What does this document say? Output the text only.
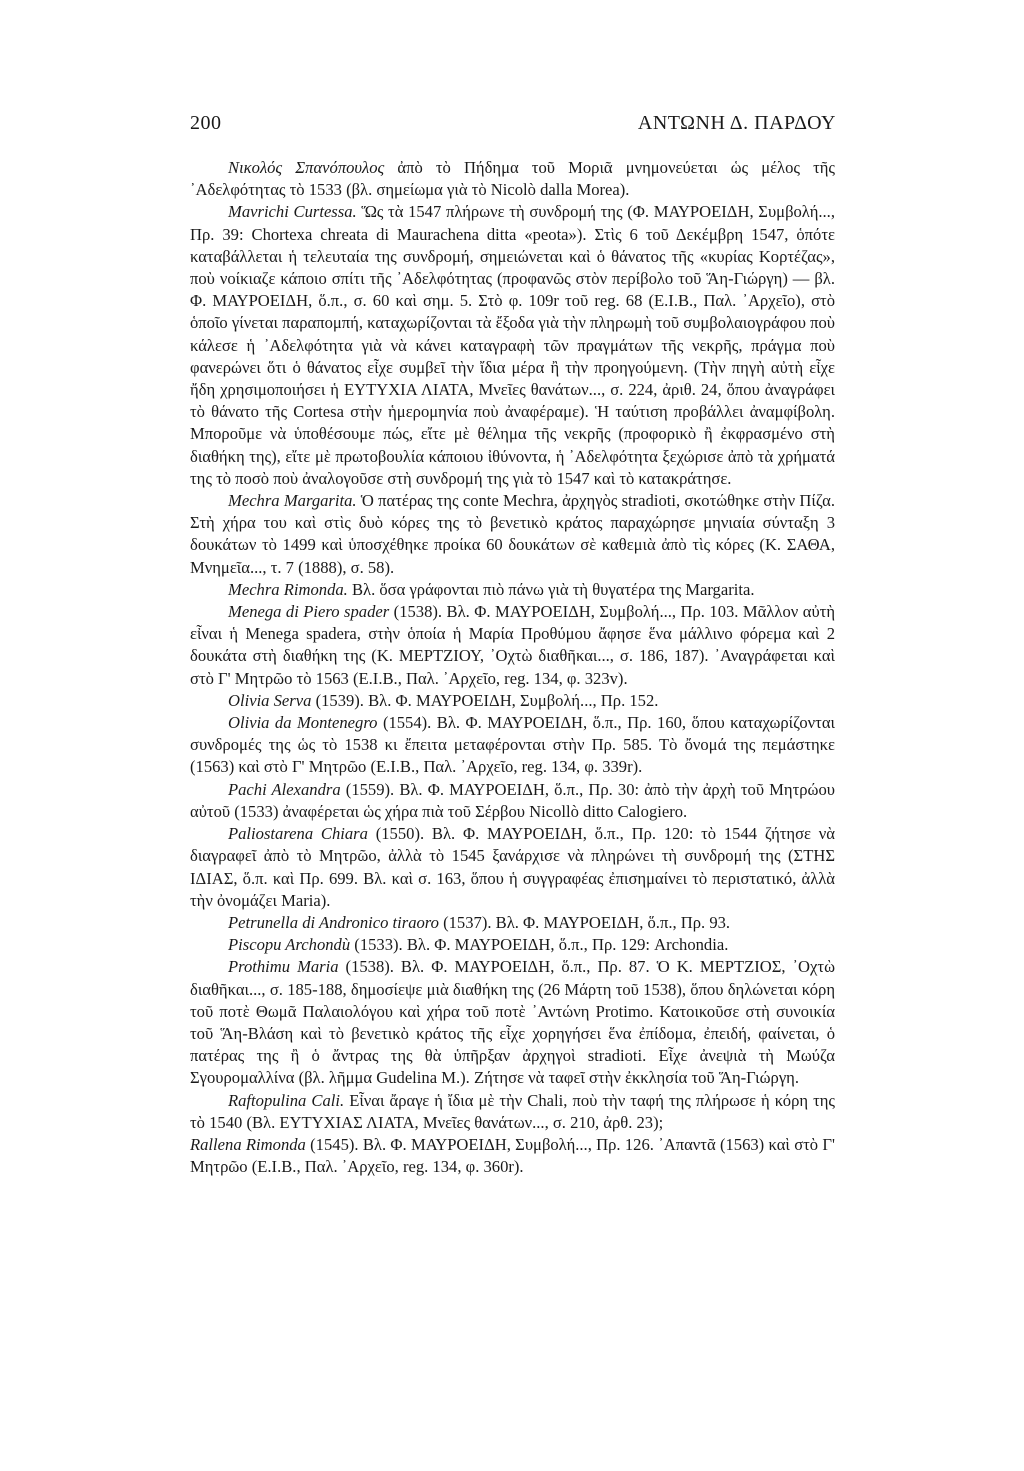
200	ΑΝΤΩΝΗ Δ. ΠΑΡΔΟΥ

Νικολός Σπανόπουλος ἀπὸ τὸ Πήδημα τοῦ Μοριᾶ μνημονεύεται ὡς μέλος τῆς ᾿Αδελφότητας τὸ 1533 (βλ. σημείωμα γιὰ τὸ Nicolò dalla Morea).

Mavrichi Curtessa. Ὥς τὰ 1547 πλήρωνε τὴ συνδρομή της (Φ. ΜΑΥΡΟΕΙΔΗ, Συμβολή..., Πρ. 39: Chortexa chreata di Maurachena ditta «peota»). Στὶς 6 τοῦ Δεκέμβρη 1547, ὁπότε καταβάλλεται ἡ τελευταία της συνδρομή, σημειώνεται καὶ ὁ θάνατος τῆς «κυρίας Κορτέζας», ποὺ νοίκιαζε κάποιο σπίτι τῆς ᾿Αδελφότητας (προφανῶς στὸν περίβολο τοῦ Ἅη-Γιώργη) — βλ. Φ. ΜΑΥΡΟΕΙΔΗ, ὅ.π., σ. 60 καὶ σημ. 5. Στὸ φ. 109r τοῦ reg. 68 (Ε.Ι.Β., Παλ. ᾿Αρχεῖο), στὸ ὁποῖο γίνεται παραπομπή, καταχωρίζονται τὰ ἔξοδα γιὰ τὴν πληρωμὴ τοῦ συμβολαιογράφου ποὺ κάλεσε ἡ ᾿Αδελφότητα γιὰ νὰ κάνει καταγραφὴ τῶν πραγμάτων τῆς νεκρῆς, πράγμα ποὺ φανερώνει ὅτι ὁ θάνατος εἶχε συμβεῖ τὴν ἴδια μέρα ἢ τὴν προηγούμενη. (Τὴν πηγὴ αὐτὴ εἶχε ἤδη χρησιμοποιήσει ἡ ΕΥΤΥΧΙΑ ΛΙΑΤΑ, Μνεῖες θανάτων..., σ. 224, ἀριθ. 24, ὅπου ἀναγράφει τὸ θάνατο τῆς Cortesa στὴν ἡμερομηνία ποὺ ἀναφέραμε). Ἡ ταύτιση προβάλλει ἀναμφίβολη. Μποροῦμε νὰ ὑποθέσουμε πώς, εἴτε μὲ θέλημα τῆς νεκρῆς (προφορικὸ ἢ ἐκφρασμένο στὴ διαθήκη της), εἴτε μὲ πρωτοβουλία κάποιου ἰθύνοντα, ἡ ᾿Αδελφότητα ξεχώρισε ἀπὸ τὰ χρήματά της τὸ ποσὸ ποὺ ἀναλογοῦσε στὴ συνδρομή της γιὰ τὸ 1547 καὶ τὸ κατακράτησε.

Mechra Margarita. Ὁ πατέρας της conte Mechra, ἀρχηγὸς stradioti, σκοτώθηκε στὴν Πίζα. Στὴ χήρα του καὶ στὶς δυὸ κόρες της τὸ βενετικὸ κράτος παραχώρησε μηνιαία σύνταξη 3 δουκάτων τὸ 1499 καὶ ὑποσχέθηκε προίκα 60 δουκάτων σὲ καθεμιὰ ἀπὸ τὶς κόρες (Κ. ΣΑΘΑ, Μνημεῖα..., τ. 7 (1888), σ. 58).

Mechra Rimonda. Βλ. ὅσα γράφονται πιὸ πάνω γιὰ τὴ θυγατέρα της Margarita.

Menega di Piero spader (1538). Βλ. Φ. ΜΑΥΡΟΕΙΔΗ, Συμβολή..., Πρ. 103. Μᾶλλον αὐτὴ εἶναι ἡ Menega spadera, στὴν ὁποία ἡ Μαρία Προθύμου ἄφησε ἕνα μάλλινο φόρεμα καὶ 2 δουκάτα στὴ διαθήκη της (Κ. ΜΕΡΤΖΙΟΥ, ᾿Οχτὼ διαθῆκαι..., σ. 186, 187). ᾿Αναγράφεται καὶ στὸ Γ' Μητρῶο τὸ 1563 (Ε.Ι.Β., Παλ. ᾿Αρχεῖο, reg. 134, φ. 323v).

Olivia Serva (1539). Βλ. Φ. ΜΑΥΡΟΕΙΔΗ, Συμβολή..., Πρ. 152.

Olivia da Montenegro (1554). Βλ. Φ. ΜΑΥΡΟΕΙΔΗ, ὅ.π., Πρ. 160, ὅπου καταχωρίζονται συνδρομές της ὡς τὸ 1538 κι ἔπειτα μεταφέρονται στὴν Πρ. 585. Τὸ ὄνομά της πεμάστηκε (1563) καὶ στὸ Γ' Μητρῶο (Ε.Ι.Β., Παλ. ᾿Αρχεῖο, reg. 134, φ. 339r).

Pachi Alexandra (1559). Βλ. Φ. ΜΑΥΡΟΕΙΔΗ, ὅ.π., Πρ. 30: ἀπὸ τὴν ἀρχὴ τοῦ Μητρώου αὐτοῦ (1533) ἀναφέρεται ὡς χήρα πιὰ τοῦ Σέρβου Nicollò ditto Calogiero.

Paliostarena Chiara (1550). Βλ. Φ. ΜΑΥΡΟΕΙΔΗ, ὅ.π., Πρ. 120: τὸ 1544 ζήτησε νὰ διαγραφεῖ ἀπὸ τὸ Μητρῶο, ἀλλὰ τὸ 1545 ξανάρχισε νὰ πληρώνει τὴ συνδρομή της (ΣΤΗΣ ΙΔΙΑΣ, ὅ.π. καὶ Πρ. 699. Βλ. καὶ σ. 163, ὅπου ἡ συγγραφέας ἐπισημαίνει τὸ περιστατικό, ἀλλὰ τὴν ὀνομάζει Maria).

Petrunella di Andronico tiraoro (1537). Βλ. Φ. ΜΑΥΡΟΕΙΔΗ, ὅ.π., Πρ. 93.

Piscopu Archondù (1533). Βλ. Φ. ΜΑΥΡΟΕΙΔΗ, ὅ.π., Πρ. 129: Archondia.

Prothimu Maria (1538). Βλ. Φ. ΜΑΥΡΟΕΙΔΗ, ὅ.π., Πρ. 87. Ὁ Κ. ΜΕΡΤΖΙΟΣ, ᾿Οχτὼ διαθῆκαι..., σ. 185-188, δημοσίεψε μιὰ διαθήκη της (26 Μάρτη τοῦ 1538), ὅπου δηλώνεται κόρη τοῦ ποτὲ Θωμᾶ Παλαιολόγου καὶ χήρα τοῦ ποτὲ ᾿Αντώνη Protimo. Κατοικοῦσε στὴ συνοικία τοῦ Ἅη-Βλάση καὶ τὸ βενετικὸ κράτος τῆς εἶχε χορηγήσει ἕνα ἐπίδομα, ἐπειδή, φαίνεται, ὁ πατέρας της ἢ ὁ ἄντρας της θὰ ὑπῆρξαν ἀρχηγοὶ stradioti. Εἶχε ἀνεψιὰ τὴ Μωύζα Σγουρομαλλίνα (βλ. λῆμμα Gudelina M.). Ζήτησε νὰ ταφεῖ στὴν ἐκκλησία τοῦ Ἅη-Γιώργη.

Raftopulina Cali. Εἶναι ἄραγε ἡ ἴδια μὲ τὴν Chali, ποὺ τὴν ταφή της πλήρωσε ἡ κόρη της τὸ 1540 (Βλ. ΕΥΤΥΧΙΑΣ ΛΙΑΤΑ, Μνεῖες θανάτων..., σ. 210, ἀρθ. 23);

Rallena Rimonda (1545). Βλ. Φ. ΜΑΥΡΟΕΙΔΗ, Συμβολή..., Πρ. 126. ᾿Απαντᾶ (1563) καὶ στὸ Γ' Μητρῶο (Ε.Ι.Β., Παλ. ᾿Αρχεῖο, reg. 134, φ. 360r).
